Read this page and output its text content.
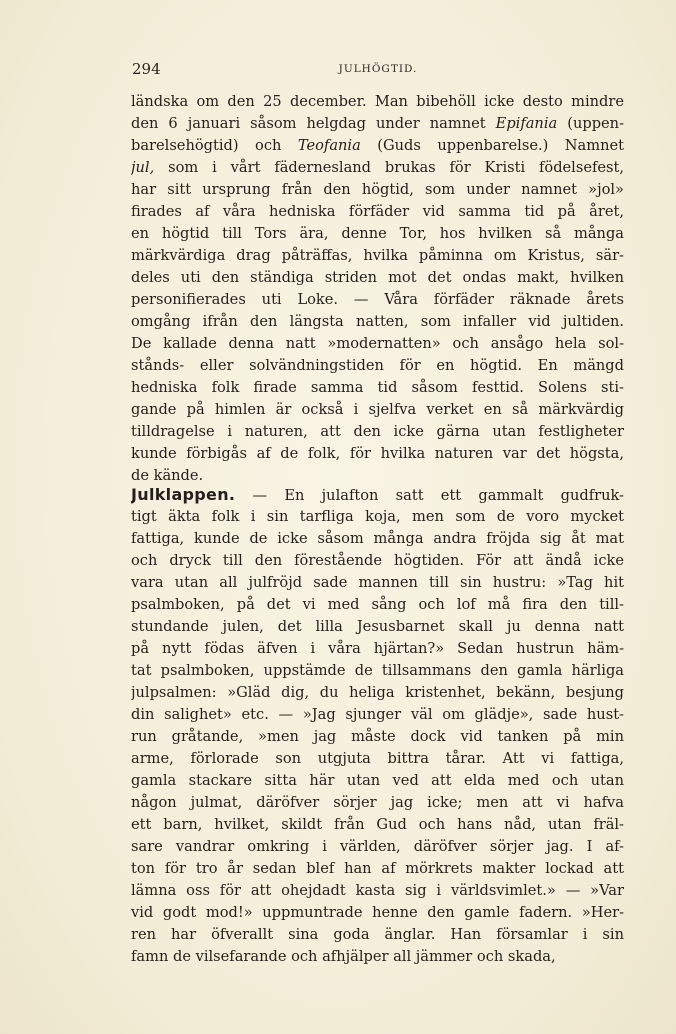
294	JULHÖGTID.
ländska om den 25 december. Man bibehöll icke desto mindre
den 6 januari såsom helgdag under namnet Epifania (uppen-
barelsehögtid) och Teofania (Guds uppenbarelse.) Namnet
jul, som i vårt fädernesland brukas för Kristi födelsefest,
har sitt ursprung från den högtid, som under namnet »jol»
firades af våra hedniska förfäder vid samma tid på året,
en högtid till Tors ära, denne Tor, hos hvilken så många
märkvärdiga drag påträffas, hvilka påminna om Kristus, sär-
deles uti den ständiga striden mot det ondas makt, hvilken
personifierades uti Loke. — Våra förfäder räknade årets
omgång ifrån den längsta natten, som infaller vid jultiden.
De kallade denna natt »modernatten» och ansågo hela sol-
stånds- eller solvändningstiden för en högtid. En mängd
hedniska folk firade samma tid såsom festtid. Solens sti-
gande på himlen är också i sjelfva verket en så märkvärdig
tilldragelse i naturen, att den icke gärna utan festligheter
kunde förbigås af de folk, för hvilka naturen var det högsta,
de kände.
Julklappen. — En julafton satt ett gammalt gudfruk-
tigt äkta folk i sin tarfliga koja, men som de voro mycket
fattiga, kunde de icke såsom många andra fröjda sig åt mat
och dryck till den förestående högtiden. För att ändå icke
vara utan all julfröjd sade mannen till sin hustru: »Tag hit
psalmboken, på det vi med sång och lof må fira den till-
stundande julen, det lilla Jesusbarnet skall ju denna natt
på nytt födas äfven i våra hjärtan?» Sedan hustrun häm-
tat psalmboken, uppstämde de tillsammans den gamla härliga
julpsalmen: »Gläd dig, du heliga kristenhet, bekänn, besjung
din salighet» etc. — »Jag sjunger väl om glädje», sade hust-
run gråtande, »men jag måste dock vid tanken på min
arme, förlorade son utgjuta bittra tårar. Att vi fattiga,
gamla stackare sitta här utan ved att elda med och utan
någon julmat, däröfver sörjer jag icke; men att vi hafva
ett barn, hvilket, skildt från Gud och hans nåd, utan fräl-
sare vandrar omkring i världen, däröfver sörjer jag. I af-
ton för tro år sedan blef han af mörkrets makter lockad att
lämna oss för att ohejdadt kasta sig i världsvimlet.» — »Var
vid godt mod!» uppmuntrade henne den gamle fadern. »Her-
ren har öfverallt sina goda änglar. Han församlar i sin
famn de vilsefarande och afhjälper all jämmer och skada,
